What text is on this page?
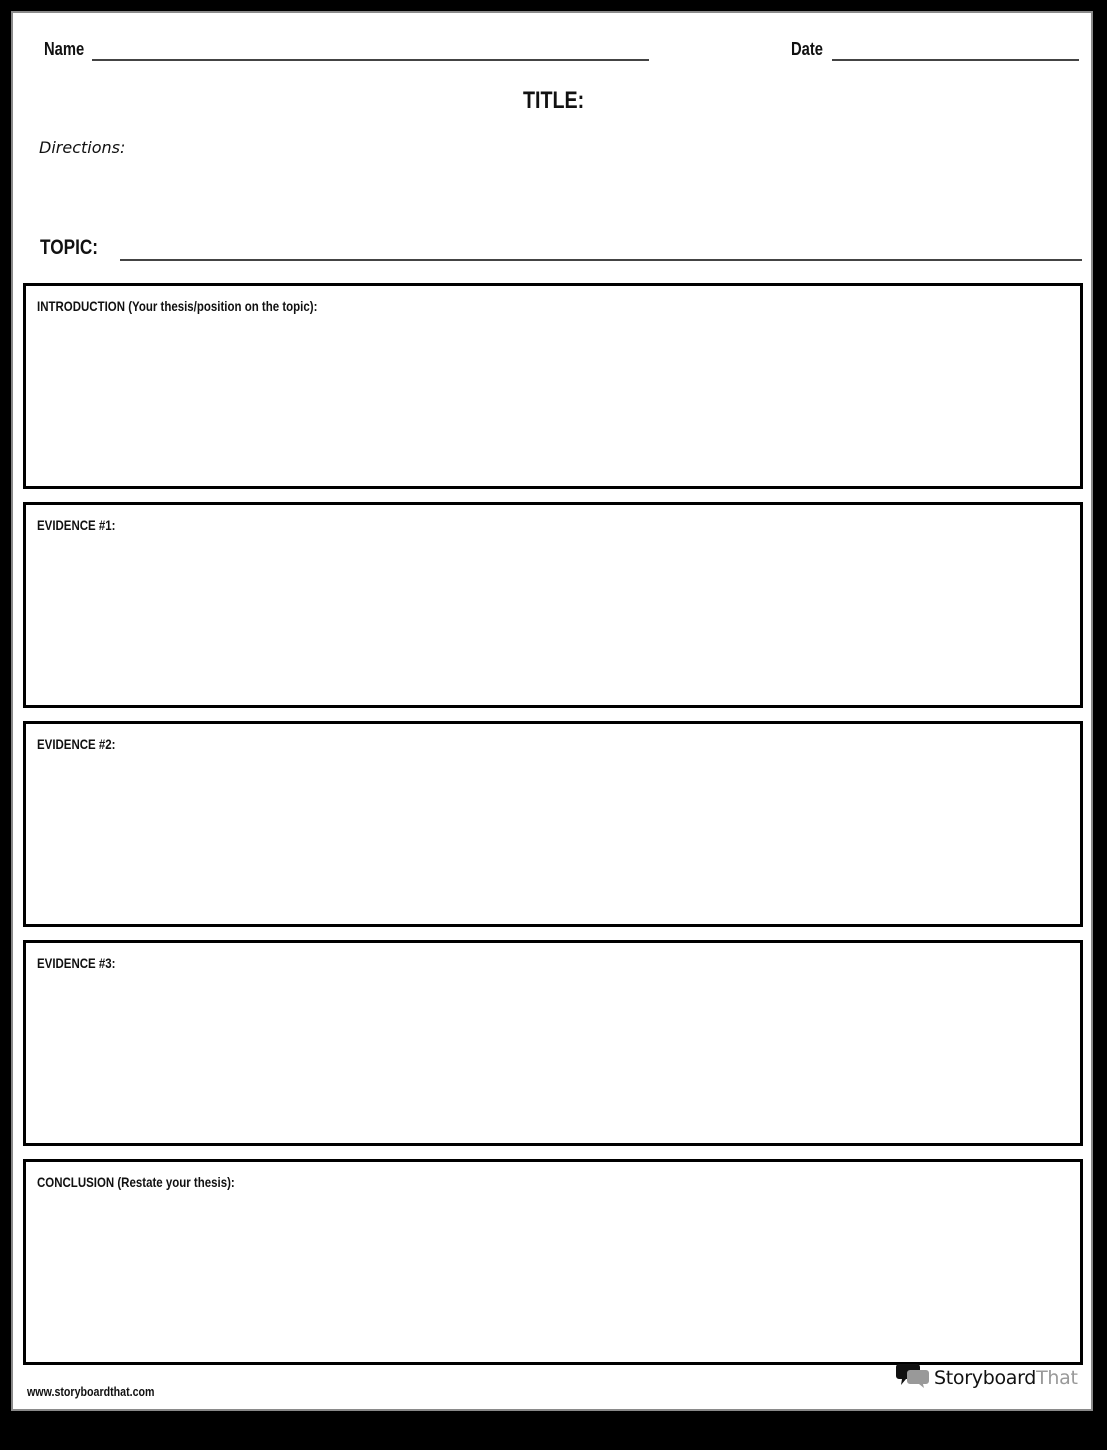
Name	Date
TITLE:
Directions:
TOPIC:
INTRODUCTION (Your thesis/position on the topic):
EVIDENCE #1:
EVIDENCE #2:
EVIDENCE #3:
CONCLUSION (Restate your thesis):
www.storyboardthat.com
StoryboardThat
